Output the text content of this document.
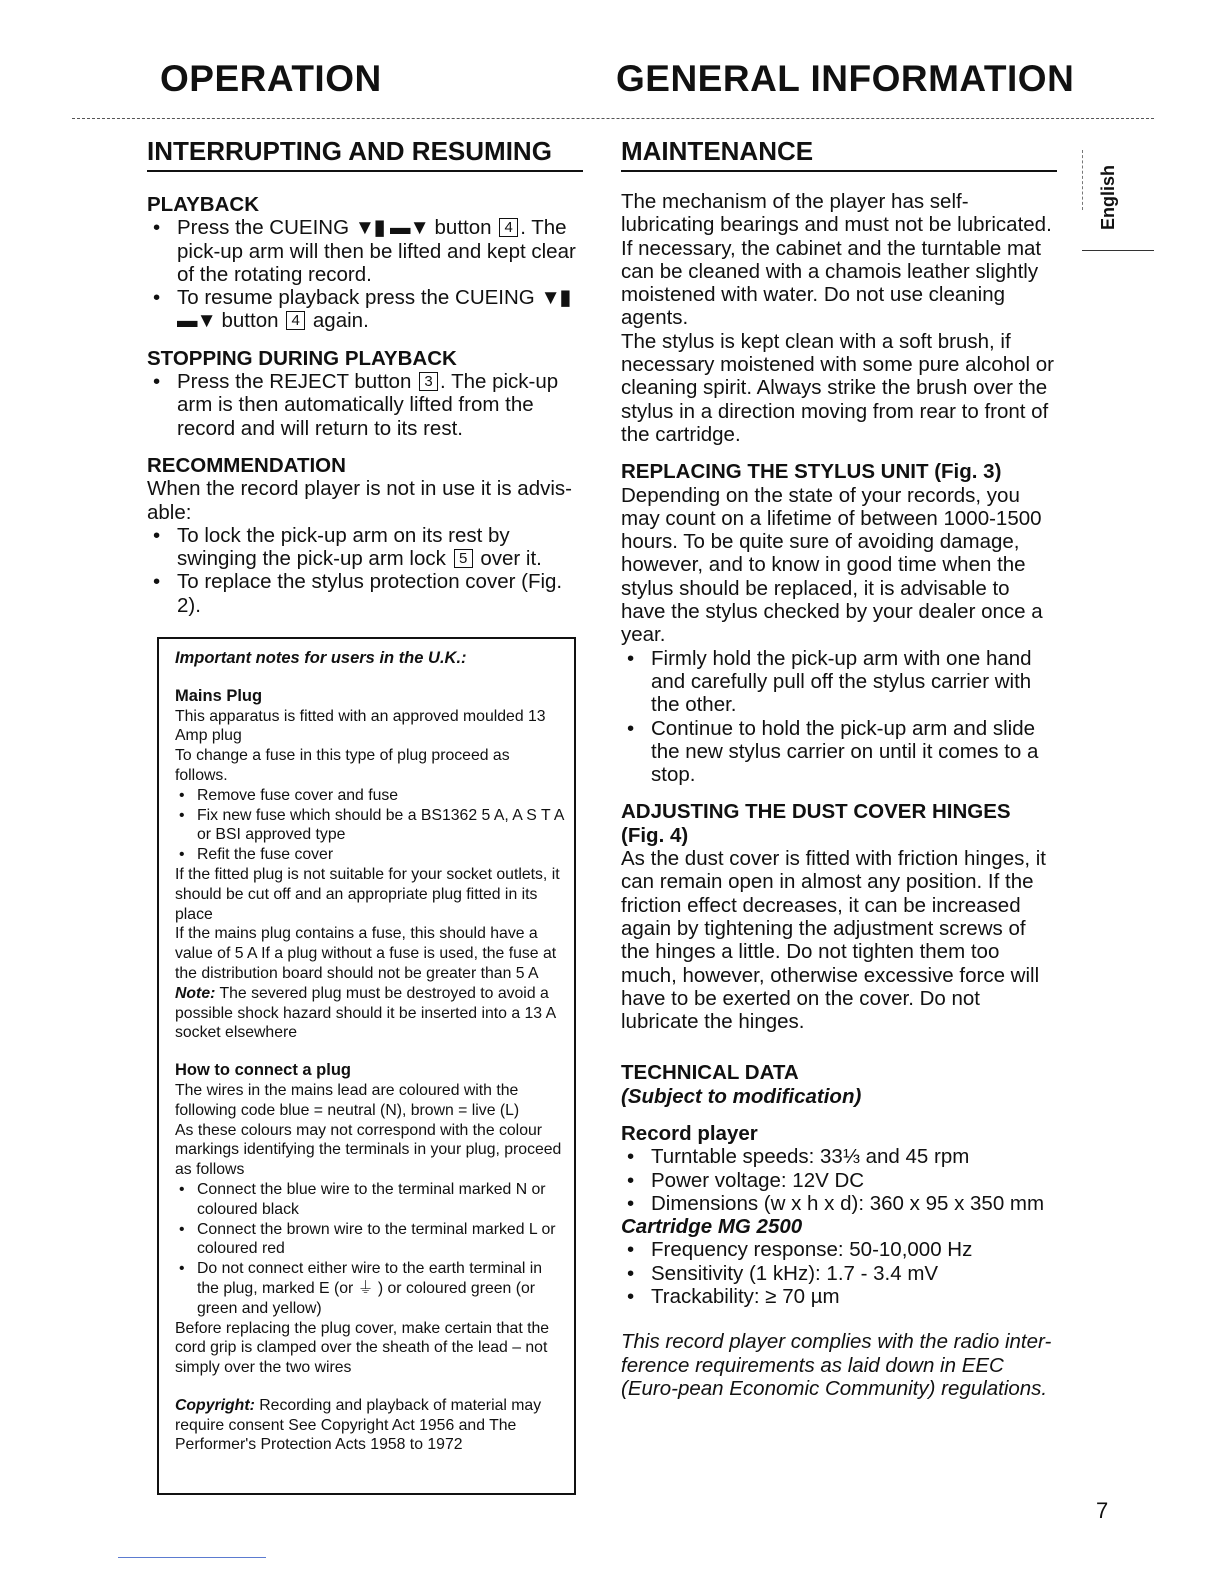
OPERATION	GENERAL INFORMATION
English
INTERRUPTING AND RESUMING

PLAYBACK

• Press the CUEING ▼▮ ▬▼ button 4 . The pick-up arm will then be lifted and kept clear of the rotating record.
• To resume playback press the CUEING ▼▮ ▬▼ button 4 again.

STOPPING DURING PLAYBACK

• Press the REJECT button 3 . The pick-up arm is then automatically lifted from the record and will return to its rest.

RECOMMENDATION

When the record player is not in use it is advis-able:

• To lock the pick-up arm on its rest by swinging the pick-up arm lock 5 over it.
• To replace the stylus protection cover (Fig. 2).

Important notes for users in the U.K.:

Mains Plug

This apparatus is fitted with an approved moulded 13 Amp plug

To change a fuse in this type of plug proceed as follows.

• Remove fuse cover and fuse
• Fix new fuse which should be a BS1362 5 A, A S T A or BSI approved type
• Refit the fuse cover

If the fitted plug is not suitable for your socket outlets, it should be cut off and an appropriate plug fitted in its place

If the mains plug contains a fuse, this should have a value of 5 A If a plug without a fuse is used, the fuse at the distribution board should not be greater than 5 A

Note: The severed plug must be destroyed to avoid a possible shock hazard should it be inserted into a 13 A socket elsewhere

How to connect a plug

The wires in the mains lead are coloured with the following code blue = neutral (N), brown = live (L)

As these colours may not correspond with the colour markings identifying the terminals in your plug, proceed as follows

• Connect the blue wire to the terminal marked N or coloured black
• Connect the brown wire to the terminal marked L or coloured red
• Do not connect either wire to the earth terminal in the plug, marked E (or ⏚ ) or coloured green (or green and yellow)

Before replacing the plug cover, make certain that the cord grip is clamped over the sheath of the lead – not simply over the two wires

Copyright: Recording and playback of material may require consent See Copyright Act 1956 and The Performer's Protection Acts 1958 to 1972

MAINTENANCE

The mechanism of the player has self-lubricating bearings and must not be lubricated.

If necessary, the cabinet and the turntable mat can be cleaned with a chamois leather slightly moistened with water. Do not use cleaning agents.

The stylus is kept clean with a soft brush, if necessary moistened with some pure alcohol or cleaning spirit. Always strike the brush over the stylus in a direction moving from rear to front of the cartridge.

REPLACING THE STYLUS UNIT (Fig. 3)

Depending on the state of your records, you may count on a lifetime of between 1000-1500 hours. To be quite sure of avoiding damage, however, and to know in good time when the stylus should be replaced, it is advisable to have the stylus checked by your dealer once a year.

• Firmly hold the pick-up arm with one hand and carefully pull off the stylus carrier with the other.
• Continue to hold the pick-up arm and slide the new stylus carrier on until it comes to a stop.

ADJUSTING THE DUST COVER HINGES (Fig. 4)

As the dust cover is fitted with friction hinges, it can remain open in almost any position. If the friction effect decreases, it can be increased again by tightening the adjustment screws of the hinges a little. Do not tighten them too much, however, otherwise excessive force will have to be exerted on the cover. Do not lubricate the hinges.

TECHNICAL DATA

(Subject to modification)

Record player

• Turntable speeds: 33⅓ and 45 rpm
• Power voltage: 12V DC
• Dimensions (w x h x d): 360 x 95 x 350 mm

Cartridge MG 2500

• Frequency response: 50-10,000 Hz
• Sensitivity (1 kHz): 1.7 - 3.4 mV
• Trackability: ≥ 70 µm

This record player complies with the radio inter-ference requirements as laid down in EEC (Euro-pean Economic Community) regulations.

7
